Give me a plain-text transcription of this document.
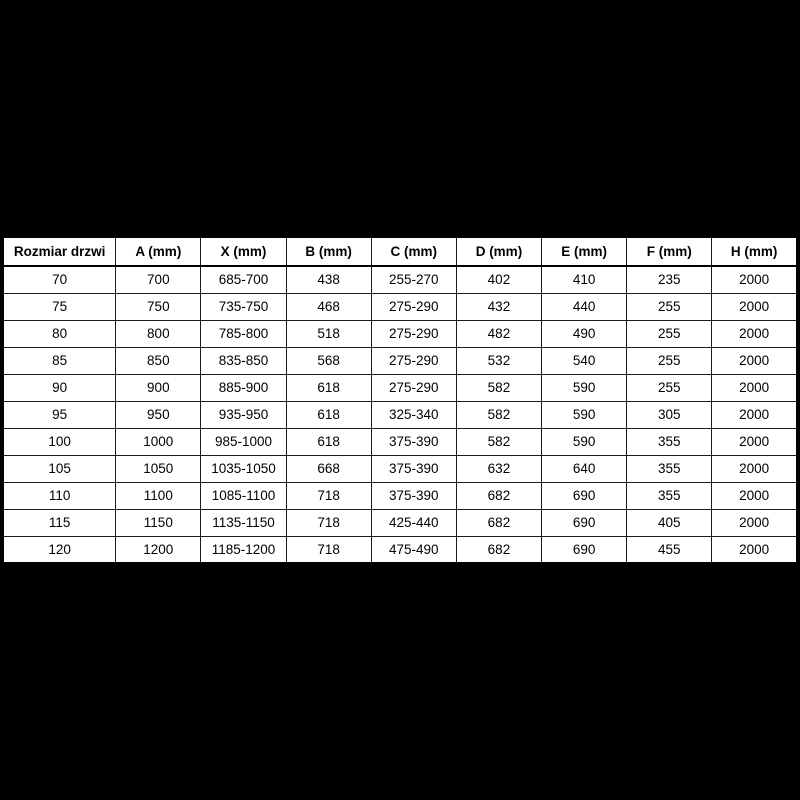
Rozmiar drzwi	A (mm)	X (mm)	B (mm)	C (mm)	D (mm)	E (mm)	F (mm)	H (mm)
70	700	685-700	438	255-270	402	410	235	2000
75	750	735-750	468	275-290	432	440	255	2000
80	800	785-800	518	275-290	482	490	255	2000
85	850	835-850	568	275-290	532	540	255	2000
90	900	885-900	618	275-290	582	590	255	2000
95	950	935-950	618	325-340	582	590	305	2000
100	1000	985-1000	618	375-390	582	590	355	2000
105	1050	1035-1050	668	375-390	632	640	355	2000
110	1100	1085-1100	718	375-390	682	690	355	2000
115	1150	1135-1150	718	425-440	682	690	405	2000
120	1200	1185-1200	718	475-490	682	690	455	2000
